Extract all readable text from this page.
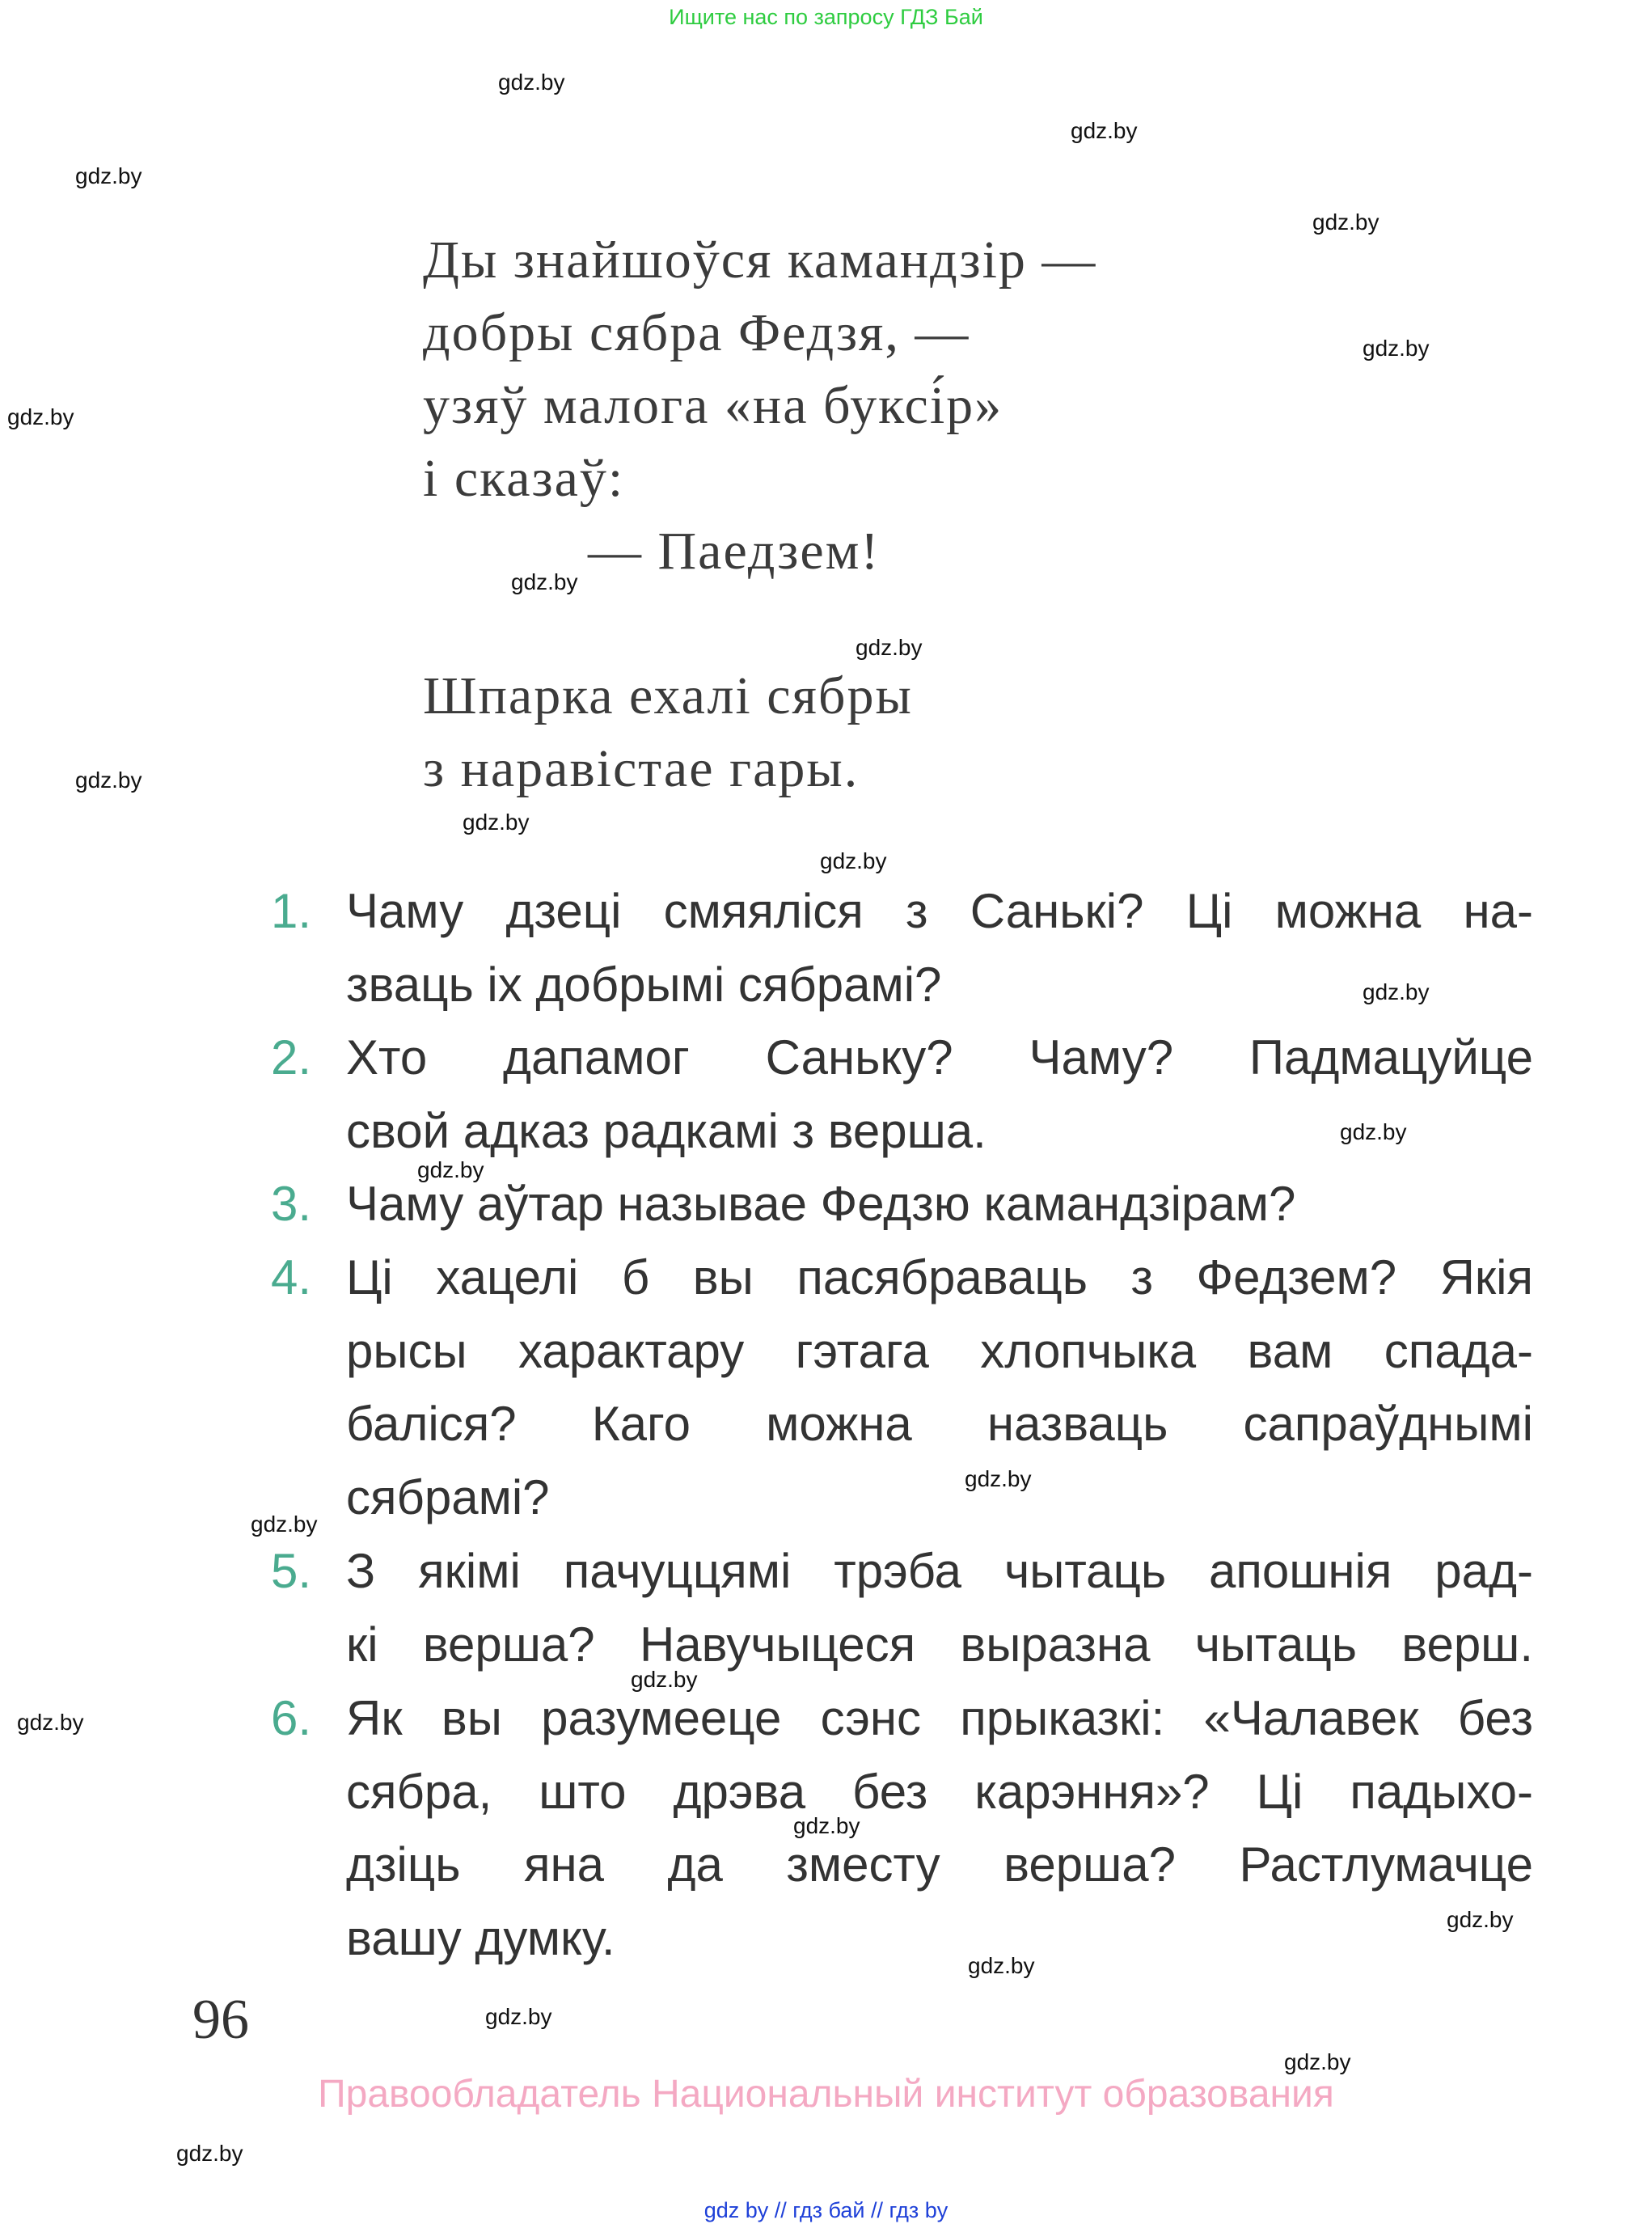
Ищите нас по запросу ГДЗ Бай
gdz.by
gdz.by
gdz.by
gdz.by
gdz.by
gdz.by
gdz.by
gdz.by
gdz.by
gdz.by
gdz.by
gdz.by
gdz.by
gdz.by
gdz.by
gdz.by
gdz.by
gdz.by
gdz.by
gdz.by
gdz.by
gdz.by
gdz.by
gdz.by
Ды знайшоўся камандзір —
добры сябра Федзя, —
узяў малога «на буксі́р»
і сказаў:
— Паедзем!
Шпарка ехалі сябры
з наравістае гары.
1. Чаму дзеці смяяліся з Санькі? Ці можна на-
зваць іх добрымі сябрамі?
2. Хто дапамог Саньку? Чаму? Падмацуйце
свой адказ радкамі з верша.
3. Чаму аўтар называе Федзю камандзірам?
4. Ці хацелі б вы пасябраваць з Федзем? Якія
рысы характару гэтага хлопчыка вам спада-
баліся? Каго можна назваць сапраўднымі
сябрамі?
5. З якімі пачуццямі трэба чытаць апошнія рад-
кі верша? Навучыцеся выразна чытаць верш.
6. Як вы разумееце сэнс прыказкі: «Чалавек без
сябра, што дрэва без карэння»? Ці падыхо-
дзіць яна да зместу верша? Растлумачце
вашу думку.
96
Правообладатель Национальный институт образования
gdz by // гдз бай // гдз by
